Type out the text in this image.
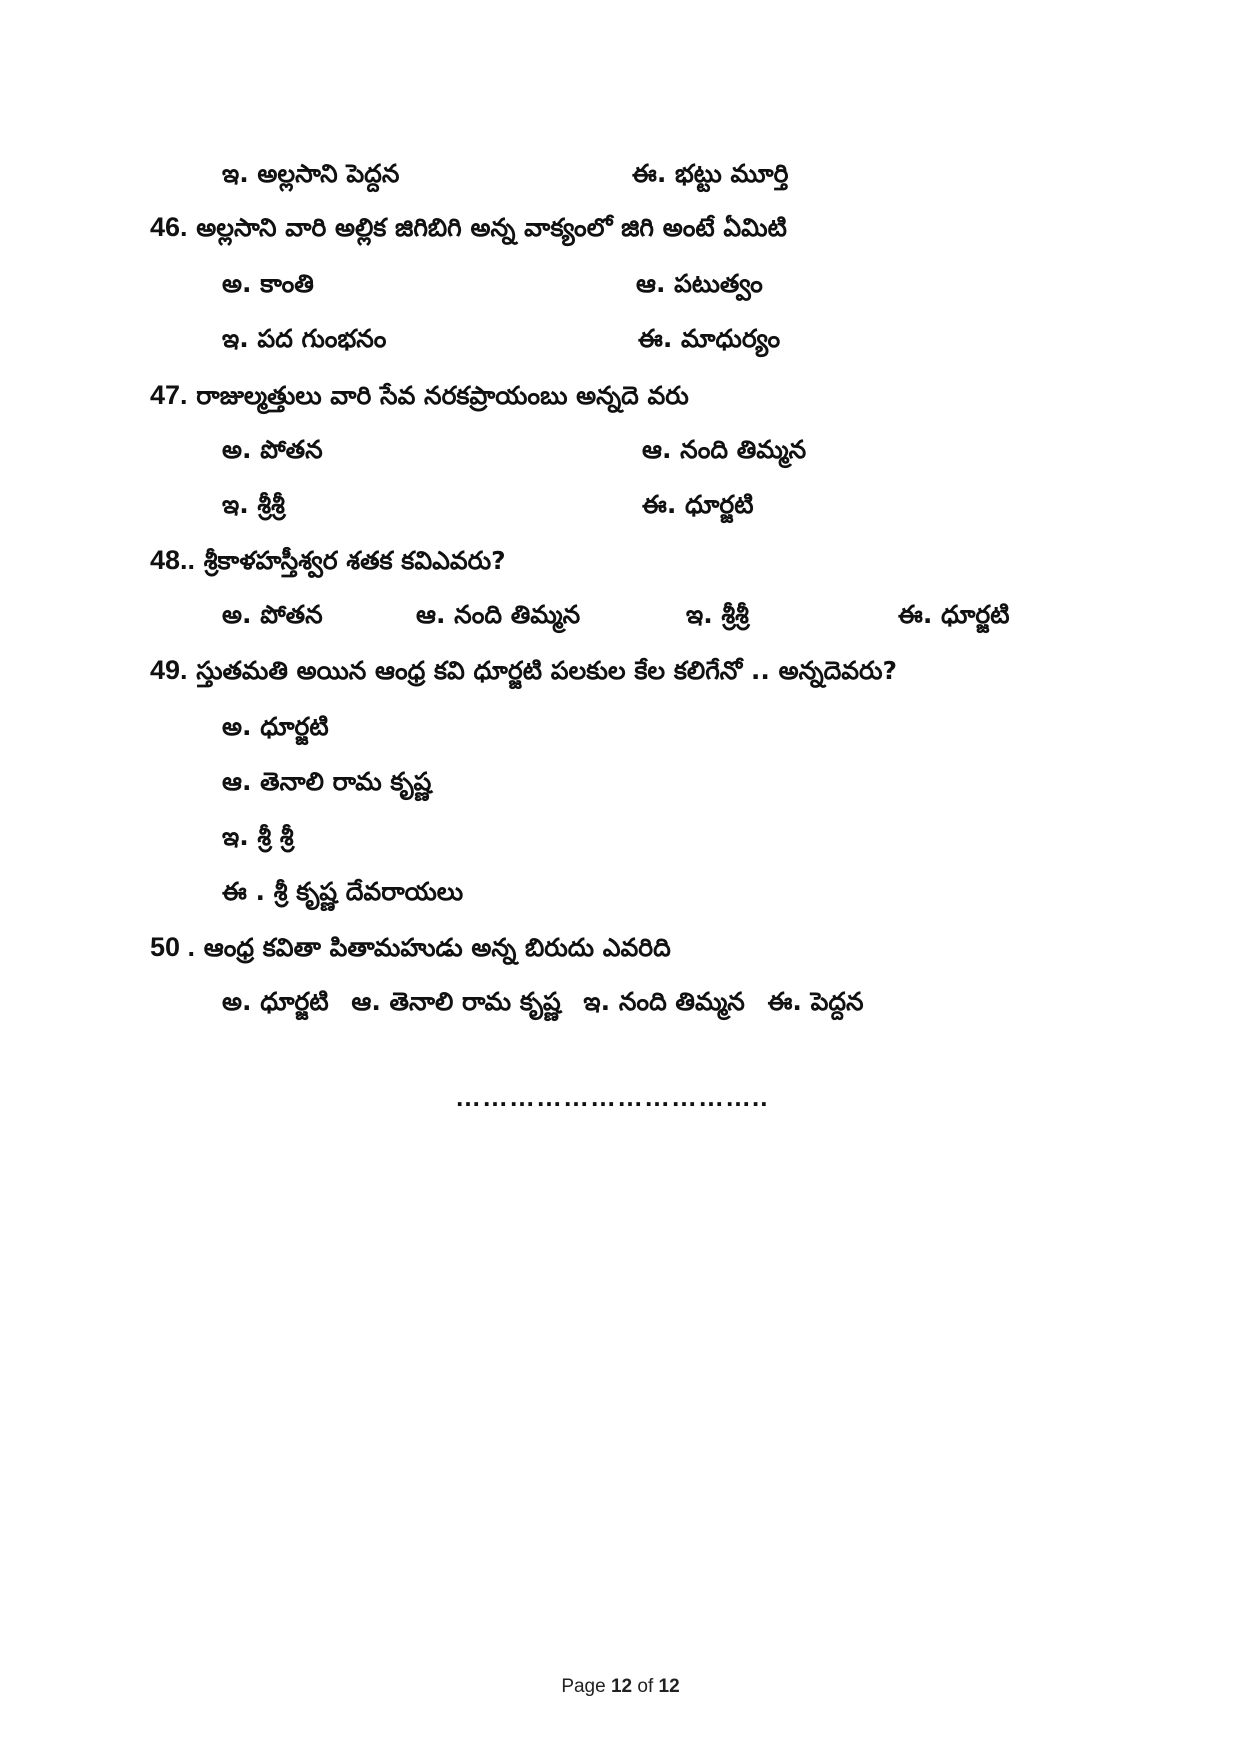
ఇ. అల్లసాని పెద్దన	ఈ. భట్టు మూర్తి
46. అల్లసాని వారి అల్లిక జిగిబిగి అన్న వాక్యంలో జిగి అంటే ఏమిటి
అ. కాంతి	ఆ. పటుత్వం
ఇ. పద గుంభనం	ఈ. మాధుర్యం
47. రాజుల్మత్తులు వారి సేవ నరకప్రాయంబు అన్నదె వరు
అ. పోతన	ఆ. నంది తిమ్మన
ఇ. శ్రీశ్రీ	ఈ. ధూర్జటి
48.. శ్రీకాళహస్తీశ్వర శతక కవిఎవరు?
అ. పోతన	ఆ. నంది తిమ్మన	ఇ. శ్రీశ్రీ	ఈ. ధూర్జటి
49. స్తుతమతి అయిన ఆంధ్ర కవి ధూర్జటి పలకుల కేల కలిగేనో .. అన్నదెవరు?
అ. ధూర్జటి
ఆ. తెనాలి రామ కృష్ణ
ఇ. శ్రీ శ్రీ
ఈ . శ్రీ కృష్ణ దేవరాయలు
50 . ఆంధ్ర కవితా పితామహుడు అన్న బిరుదు ఎవరిది
అ. ధూర్జటి ఆ. తెనాలి రామ కృష్ణ ఇ. నంది తిమ్మన ఈ. పెద్దన
……………………………..
Page 12 of 12
